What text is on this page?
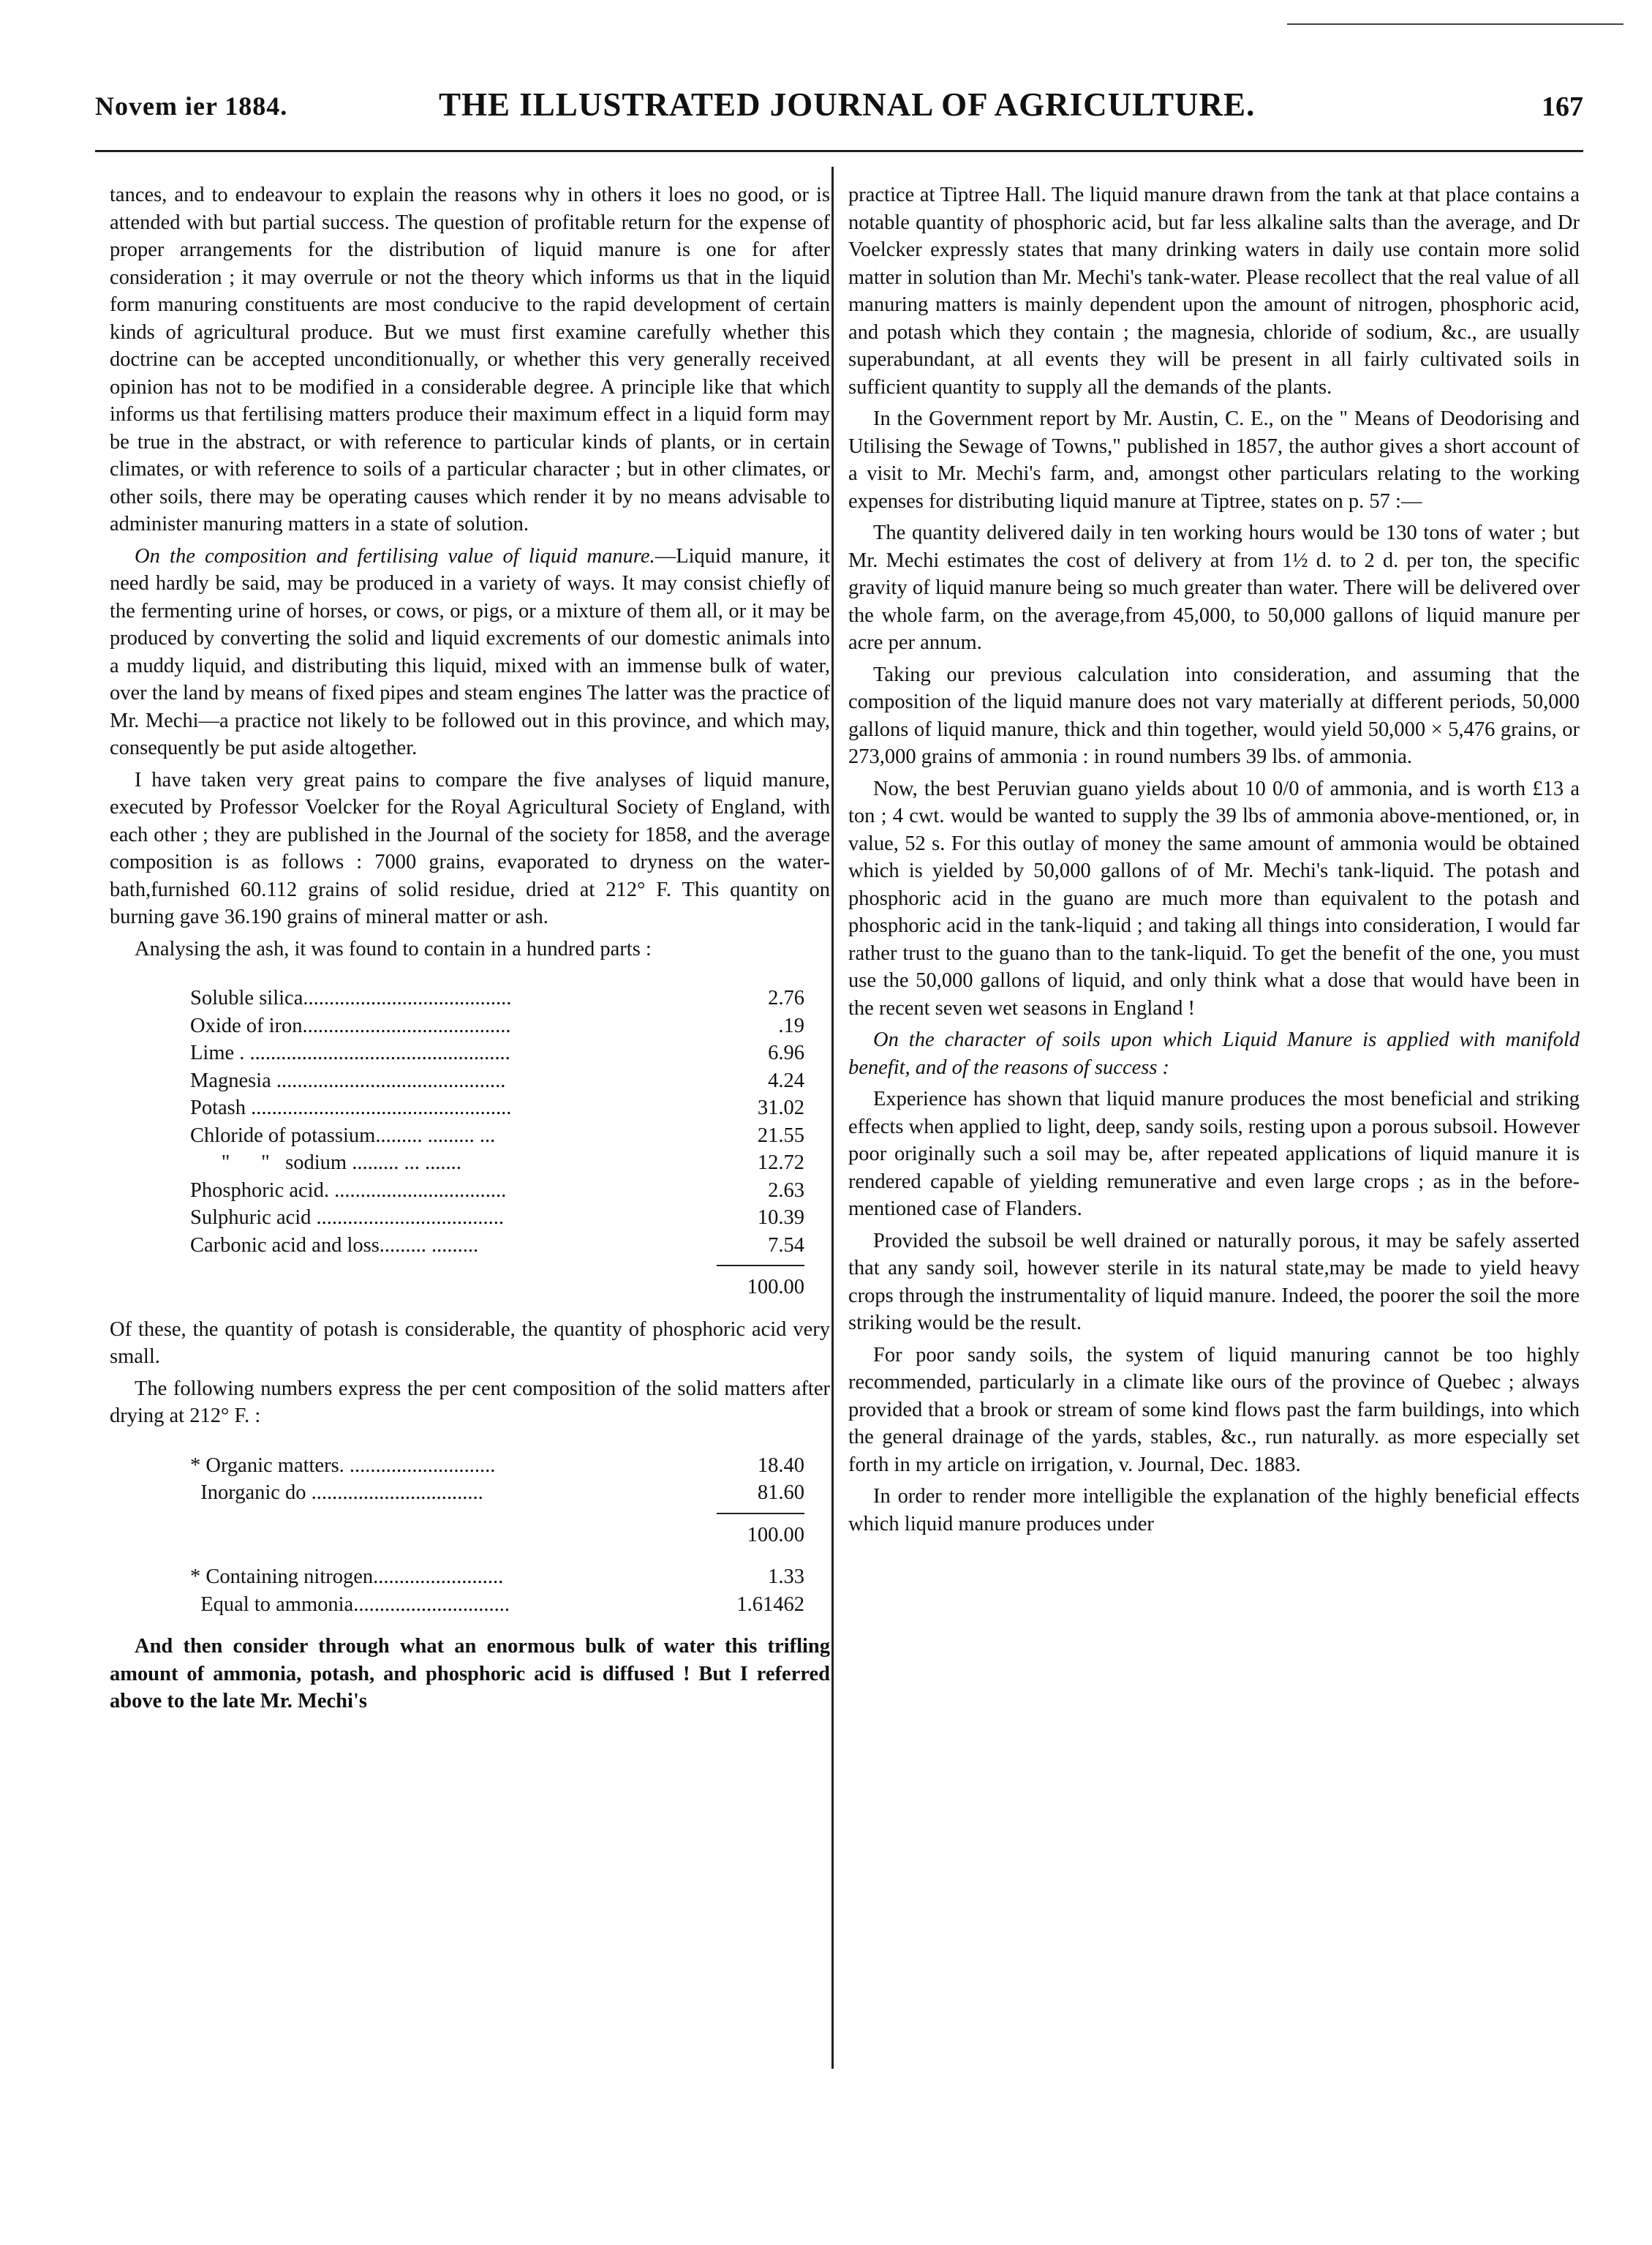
Novem ier 1884.	THE ILLUSTRATED JOURNAL OF AGRICULTURE.	167

tances, and to endeavour to explain the reasons why in others it loes no good, or is attended with but partial success. The question of profitable return for the expense of proper arrangements for the distribution of liquid manure is one for after consideration ; it may overrule or not the theory which informs us that in the liquid form manuring constituents are most conducive to the rapid development of certain kinds of agricultural produce. But we must first examine carefully whether this doctrine can be accepted unconditionually, or whether this very generally received opinion has not to be modified in a considerable degree. A principle like that which informs us that fertilising matters produce their maximum effect in a liquid form may be true in the abstract, or with reference to particular kinds of plants, or in certain climates, or with reference to soils of a particular character ; but in other climates, or other soils, there may be operating causes which render it by no means advisable to administer manuring matters in a state of solution.

On the composition and fertilising value of liquid manure.—Liquid manure, it need hardly be said, may be produced in a variety of ways. It may consist chiefly of the fermenting urine of horses, or cows, or pigs, or a mixture of them all, or it may be produced by converting the solid and liquid excrements of our domestic animals into a muddy liquid, and distributing this liquid, mixed with an immense bulk of water, over the land by means of fixed pipes and steam engines The latter was the practice of Mr. Mechi—a practice not likely to be followed out in this province, and which may, consequently be put aside altogether.

I have taken very great pains to compare the five analyses of liquid manure, executed by Professor Voelcker for the Royal Agricultural Society of England, with each other ; they are published in the Journal of the society for 1858, and the average composition is as follows : 7000 grains, evaporated to dryness on the water-bath,furnished 60.112 grains of solid residue, dried at 212° F. This quantity on burning gave 36.190 grains of mineral matter or ash.

Analysing the ash, it was found to contain in a hundred parts :

Soluble silica........................................	2.76
Oxide of iron........................................	.19
Lime . ..................................................	6.96
Magnesia ............................................	4.24
Potash ..................................................	31.02
Chloride of potassium......... ......... ...	21.55
"      "   sodium ......... ... .......	12.72
Phosphoric acid. .................................	2.63
Sulphuric acid ....................................	10.39
Carbonic acid and loss......... .........	7.54
100.00

Of these, the quantity of potash is considerable, the quantity of phosphoric acid very small.

The following numbers express the per cent composition of the solid matters after drying at 212° F. :

* Organic matters. ............................	18.40
Inorganic do .................................	81.60
100.00
* Containing nitrogen.........................	1.33
Equal to ammonia..............................	1.61462

And then consider through what an enormous bulk of water this trifling amount of ammonia, potash, and phosphoric acid is diffused ! But I referred above to the late Mr. Mechi's

practice at Tiptree Hall. The liquid manure drawn from the tank at that place contains a notable quantity of phosphoric acid, but far less alkaline salts than the average, and Dr Voelcker expressly states that many drinking waters in daily use contain more solid matter in solution than Mr. Mechi's tank-water. Please recollect that the real value of all manuring matters is mainly dependent upon the amount of nitrogen, phosphoric acid, and potash which they contain ; the magnesia, chloride of sodium, &c., are usually superabundant, at all events they will be present in all fairly cultivated soils in sufficient quantity to supply all the demands of the plants.

In the Government report by Mr. Austin, C. E., on the " Means of Deodorising and Utilising the Sewage of Towns," published in 1857, the author gives a short account of a visit to Mr. Mechi's farm, and, amongst other particulars relating to the working expenses for distributing liquid manure at Tiptree, states on p. 57 :—

The quantity delivered daily in ten working hours would be 130 tons of water ; but Mr. Mechi estimates the cost of delivery at from 1½ d. to 2 d. per ton, the specific gravity of liquid manure being so much greater than water. There will be delivered over the whole farm, on the average,from 45,000, to 50,000 gallons of liquid manure per acre per annum.

Taking our previous calculation into consideration, and assuming that the composition of the liquid manure does not vary materially at different periods, 50,000 gallons of liquid manure, thick and thin together, would yield 50,000 × 5,476 grains, or 273,000 grains of ammonia : in round numbers 39 lbs. of ammonia.

Now, the best Peruvian guano yields about 10 0/0 of ammonia, and is worth £13 a ton ; 4 cwt. would be wanted to supply the 39 lbs of ammonia above-mentioned, or, in value, 52 s. For this outlay of money the same amount of ammonia would be obtained which is yielded by 50,000 gallons of of Mr. Mechi's tank-liquid. The potash and phosphoric acid in the guano are much more than equivalent to the potash and phosphoric acid in the tank-liquid ; and taking all things into consideration, I would far rather trust to the guano than to the tank-liquid. To get the benefit of the one, you must use the 50,000 gallons of liquid, and only think what a dose that would have been in the recent seven wet seasons in England !

On the character of soils upon which Liquid Manure is applied with manifold benefit, and of the reasons of success :

Experience has shown that liquid manure produces the most beneficial and striking effects when applied to light, deep, sandy soils, resting upon a porous subsoil. However poor originally such a soil may be, after repeated applications of liquid manure it is rendered capable of yielding remunerative and even large crops ; as in the before-mentioned case of Flanders.

Provided the subsoil be well drained or naturally porous, it may be safely asserted that any sandy soil, however sterile in its natural state,may be made to yield heavy crops through the instrumentality of liquid manure. Indeed, the poorer the soil the more striking would be the result.

For poor sandy soils, the system of liquid manuring cannot be too highly recommended, particularly in a climate like ours of the province of Quebec ; always provided that a brook or stream of some kind flows past the farm buildings, into which the general drainage of the yards, stables, &c., run naturally. as more especially set forth in my article on irrigation, v. Journal, Dec. 1883.

In order to render more intelligible the explanation of the highly beneficial effects which liquid manure produces under
